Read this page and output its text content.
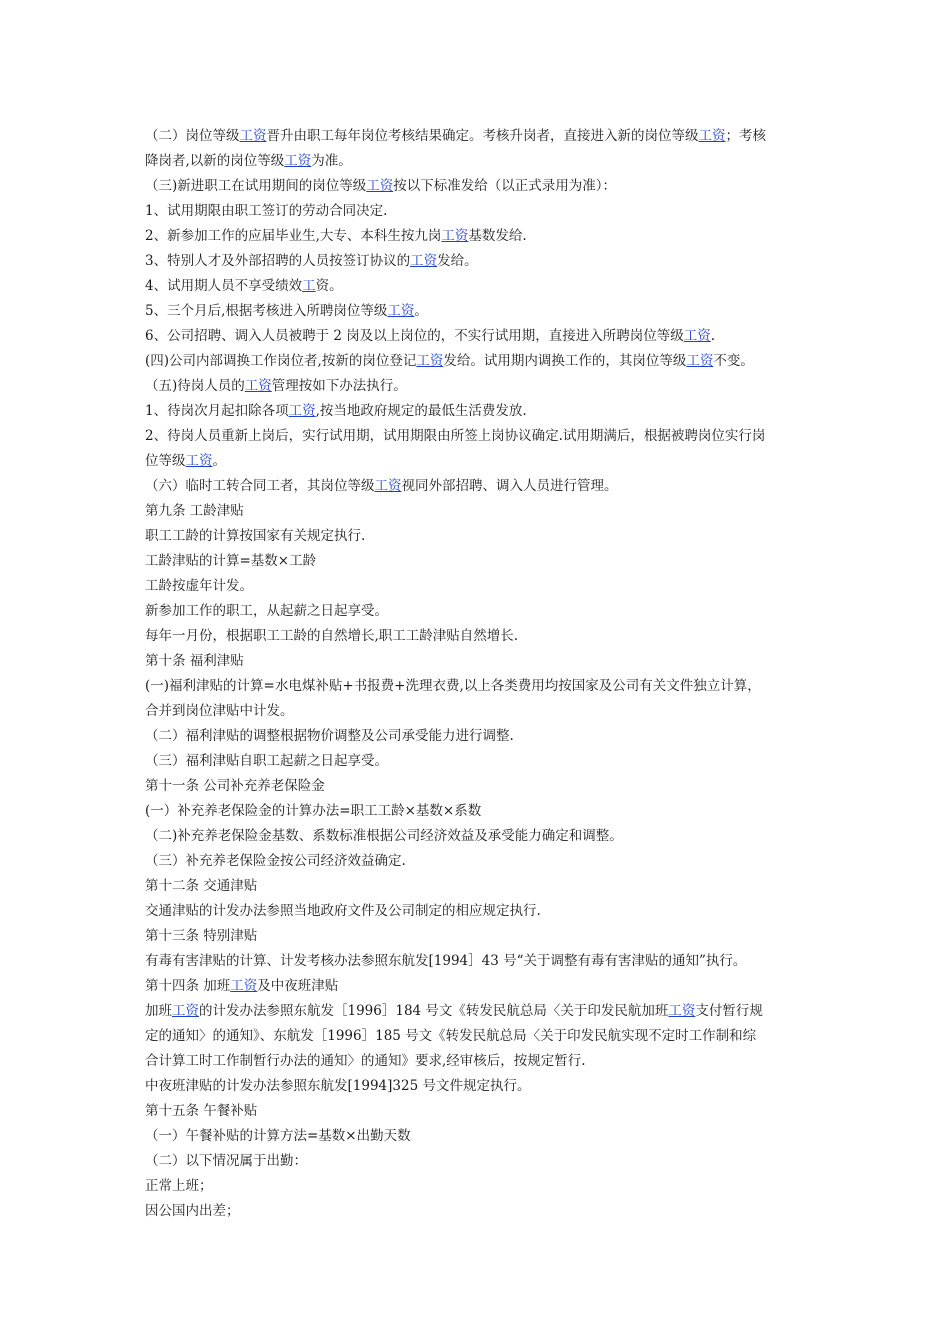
（二）岗位等级工资晋升由职工每年岗位考核结果确定。考核升岗者，直接进入新的岗位等级工资；考核
降岗者,以新的岗位等级工资为准。
（三)新进职工在试用期间的岗位等级工资按以下标准发给（以正式录用为准）：
1、试用期限由职工签订的劳动合同决定.
2、新参加工作的应届毕业生,大专、本科生按九岗工资基数发给.
3、特别人才及外部招聘的人员按签订协议的工资发给。
4、试用期人员不享受绩效工资。
5、三个月后,根据考核进入所聘岗位等级工资。
6、公司招聘、调入人员被聘于 2 岗及以上岗位的，不实行试用期，直接进入所聘岗位等级工资.
(四)公司内部调换工作岗位者,按新的岗位登记工资发给。试用期内调换工作的，其岗位等级工资不变。
（五)待岗人员的工资管理按如下办法执行。
1、待岗次月起扣除各项工资,按当地政府规定的最低生活费发放.
2、待岗人员重新上岗后，实行试用期，试用期限由所签上岗协议确定.试用期满后，根据被聘岗位实行岗
位等级工资。
（六）临时工转合同工者，其岗位等级工资视同外部招聘、调入人员进行管理。
第九条 工龄津贴
职工工龄的计算按国家有关规定执行.
工龄津贴的计算=基数×工龄
工龄按虚年计发。
新参加工作的职工，从起薪之日起享受。
每年一月份，根据职工工龄的自然增长,职工工龄津贴自然增长.
第十条 福利津贴
(一)福利津贴的计算=水电煤补贴+书报费+洗理衣费,以上各类费用均按国家及公司有关文件独立计算，
合并到岗位津贴中计发。
（二）福利津贴的调整根据物价调整及公司承受能力进行调整.
（三）福利津贴自职工起薪之日起享受。
第十一条 公司补充养老保险金
(一）补充养老保险金的计算办法=职工工龄×基数×系数
（二)补充养老保险金基数、系数标准根据公司经济效益及承受能力确定和调整。
（三）补充养老保险金按公司经济效益确定.
第十二条 交通津贴
交通津贴的计发办法参照当地政府文件及公司制定的相应规定执行.
第十三条 特别津贴
有毒有害津贴的计算、计发考核办法参照东航发[1994］43 号“关于调整有毒有害津贴的通知”执行。
第十四条 加班工资及中夜班津贴
加班工资的计发办法参照东航发［1996］184 号文《转发民航总局〈关于印发民航加班工资支付暂行规
定的通知〉的通知》、东航发［1996］185 号文《转发民航总局〈关于印发民航实现不定时工作制和综
合计算工时工作制暂行办法的通知〉的通知》要求,经审核后，按规定暂行.
中夜班津贴的计发办法参照东航发[1994]325 号文件规定执行。
第十五条 午餐补贴
（一）午餐补贴的计算方法=基数×出勤天数
（二）以下情况属于出勤：
正常上班；
因公国内出差；
